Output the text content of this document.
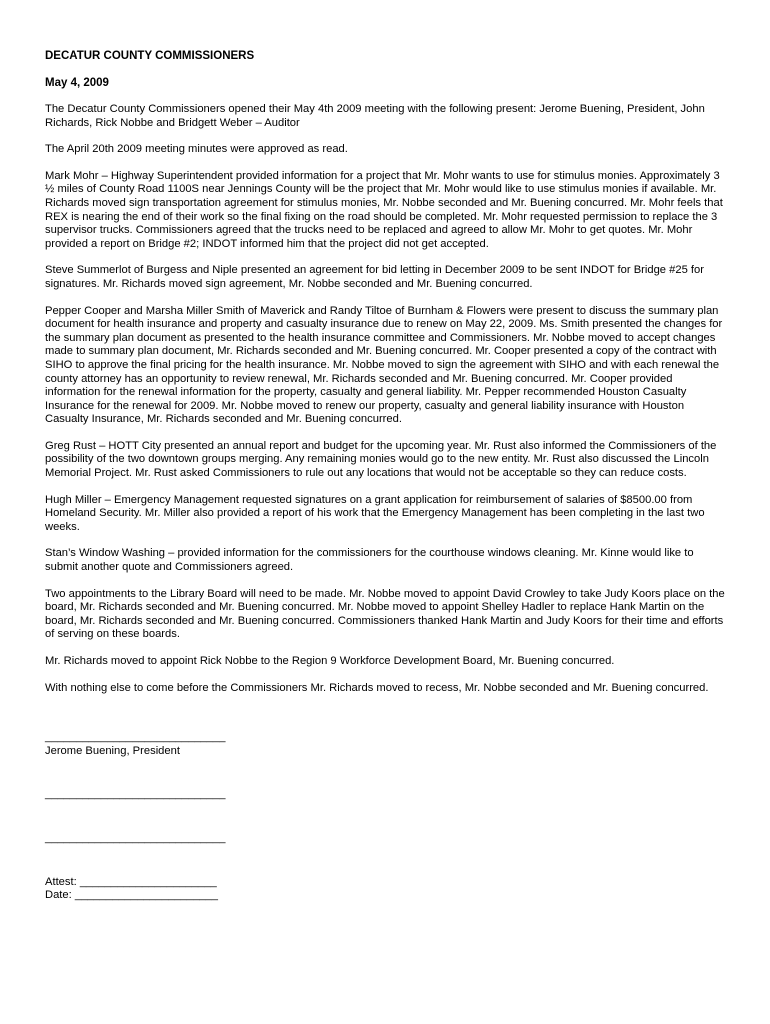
DECATUR COUNTY COMMISSIONERS

May 4, 2009

The Decatur County Commissioners opened their May 4th 2009 meeting with the following present: Jerome Buening, President, John Richards, Rick Nobbe and Bridgett Weber – Auditor

The April 20th 2009 meeting minutes were approved as read.

Mark Mohr – Highway Superintendent provided information for a project that Mr. Mohr wants to use for stimulus monies. Approximately 3 ½ miles of County Road 1100S near Jennings County will be the project that Mr. Mohr would like to use stimulus monies if available. Mr. Richards moved sign transportation agreement for stimulus monies, Mr. Nobbe seconded and Mr. Buening concurred. Mr. Mohr feels that REX is nearing the end of their work so the final fixing on the road should be completed. Mr. Mohr requested permission to replace the 3 supervisor trucks. Commissioners agreed that the trucks need to be replaced and agreed to allow Mr. Mohr to get quotes. Mr. Mohr provided a report on Bridge #2; INDOT informed him that the project did not get accepted.

Steve Summerlot of Burgess and Niple presented an agreement for bid letting in December 2009 to be sent INDOT for Bridge #25 for signatures. Mr. Richards moved sign agreement, Mr. Nobbe seconded and Mr. Buening concurred.

Pepper Cooper and Marsha Miller Smith of Maverick and Randy Tiltoe of Burnham & Flowers were present to discuss the summary plan document for health insurance and property and casualty insurance due to renew on May 22, 2009. Ms. Smith presented the changes for the summary plan document as presented to the health insurance committee and Commissioners. Mr. Nobbe moved to accept changes made to summary plan document, Mr. Richards seconded and Mr. Buening concurred. Mr. Cooper presented a copy of the contract with SIHO to approve the final pricing for the health insurance. Mr. Nobbe moved to sign the agreement with SIHO and with each renewal the county attorney has an opportunity to review renewal, Mr. Richards seconded and Mr. Buening concurred. Mr. Cooper provided information for the renewal information for the property, casualty and general liability. Mr. Pepper recommended Houston Casualty Insurance for the renewal for 2009. Mr. Nobbe moved to renew our property, casualty and general liability insurance with Houston Casualty Insurance, Mr. Richards seconded and Mr. Buening concurred.

Greg Rust – HOTT City presented an annual report and budget for the upcoming year. Mr. Rust also informed the Commissioners of the possibility of the two downtown groups merging. Any remaining monies would go to the new entity. Mr. Rust also discussed the Lincoln Memorial Project. Mr. Rust asked Commissioners to rule out any locations that would not be acceptable so they can reduce costs.

Hugh Miller – Emergency Management requested signatures on a grant application for reimbursement of salaries of $8500.00 from Homeland Security. Mr. Miller also provided a report of his work that the Emergency Management has been completing in the last two weeks.

Stan’s Window Washing – provided information for the commissioners for the courthouse windows cleaning. Mr. Kinne would like to submit another quote and Commissioners agreed.

Two appointments to the Library Board will need to be made. Mr. Nobbe moved to appoint David Crowley to take Judy Koors place on the board, Mr. Richards seconded and Mr. Buening concurred. Mr. Nobbe moved to appoint Shelley Hadler to replace Hank Martin on the board, Mr. Richards seconded and Mr. Buening concurred. Commissioners thanked Hank Martin and Judy Koors for their time and efforts of serving on these boards.

Mr. Richards moved to appoint Rick Nobbe to the Region 9 Workforce Development Board, Mr. Buening concurred.

With nothing else to come before the Commissioners Mr. Richards moved to recess, Mr. Nobbe seconded and Mr. Buening concurred.

_____________________________
Jerome Buening, President
_____________________________
_____________________________
Attest: ______________________
Date: _______________________
